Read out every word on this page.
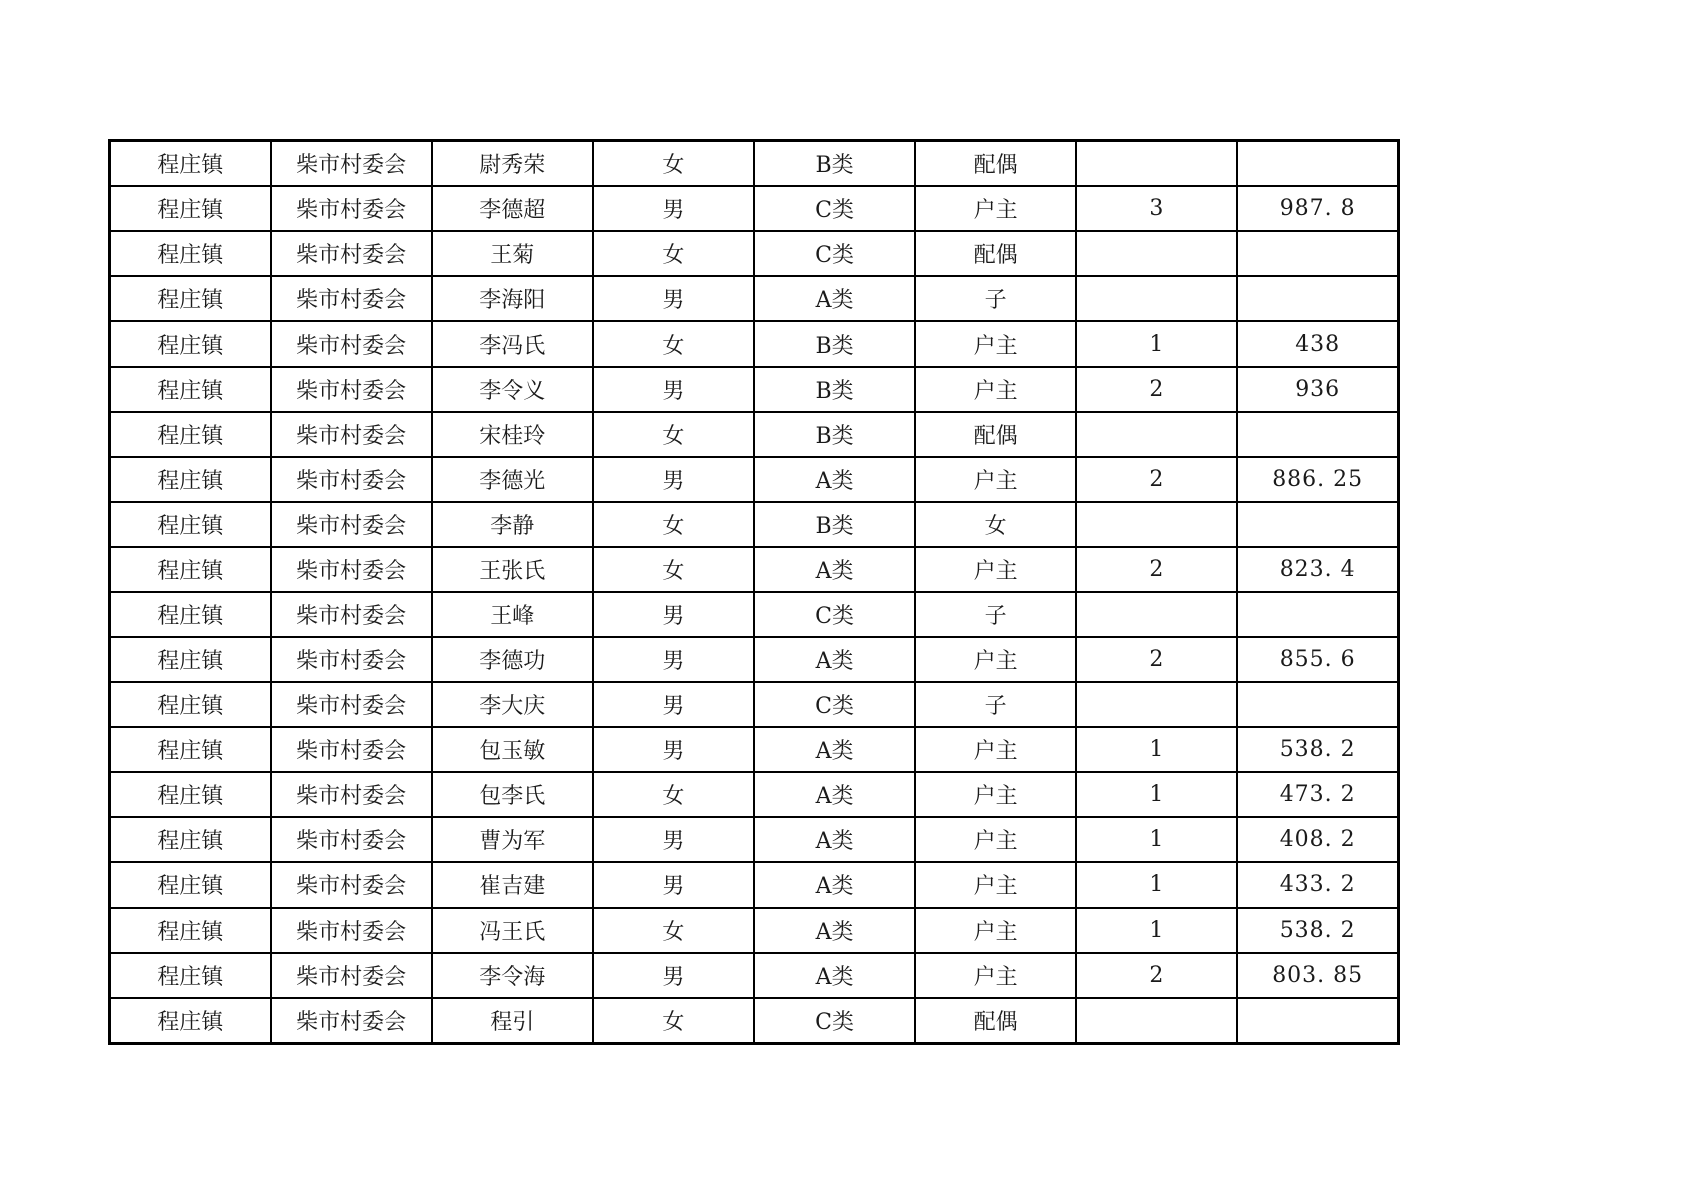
程庄镇	柴市村委会	尉秀荣	女	B类	配偶		
程庄镇	柴市村委会	李德超	男	C类	户主	3	987. 8
程庄镇	柴市村委会	王菊	女	C类	配偶		
程庄镇	柴市村委会	李海阳	男	A类	子		
程庄镇	柴市村委会	李冯氏	女	B类	户主	1	438
程庄镇	柴市村委会	李令义	男	B类	户主	2	936
程庄镇	柴市村委会	宋桂玲	女	B类	配偶		
程庄镇	柴市村委会	李德光	男	A类	户主	2	886. 25
程庄镇	柴市村委会	李静	女	B类	女		
程庄镇	柴市村委会	王张氏	女	A类	户主	2	823. 4
程庄镇	柴市村委会	王峰	男	C类	子		
程庄镇	柴市村委会	李德功	男	A类	户主	2	855. 6
程庄镇	柴市村委会	李大庆	男	C类	子		
程庄镇	柴市村委会	包玉敏	男	A类	户主	1	538. 2
程庄镇	柴市村委会	包李氏	女	A类	户主	1	473. 2
程庄镇	柴市村委会	曹为军	男	A类	户主	1	408. 2
程庄镇	柴市村委会	崔吉建	男	A类	户主	1	433. 2
程庄镇	柴市村委会	冯王氏	女	A类	户主	1	538. 2
程庄镇	柴市村委会	李令海	男	A类	户主	2	803. 85
程庄镇	柴市村委会	程引	女	C类	配偶		
